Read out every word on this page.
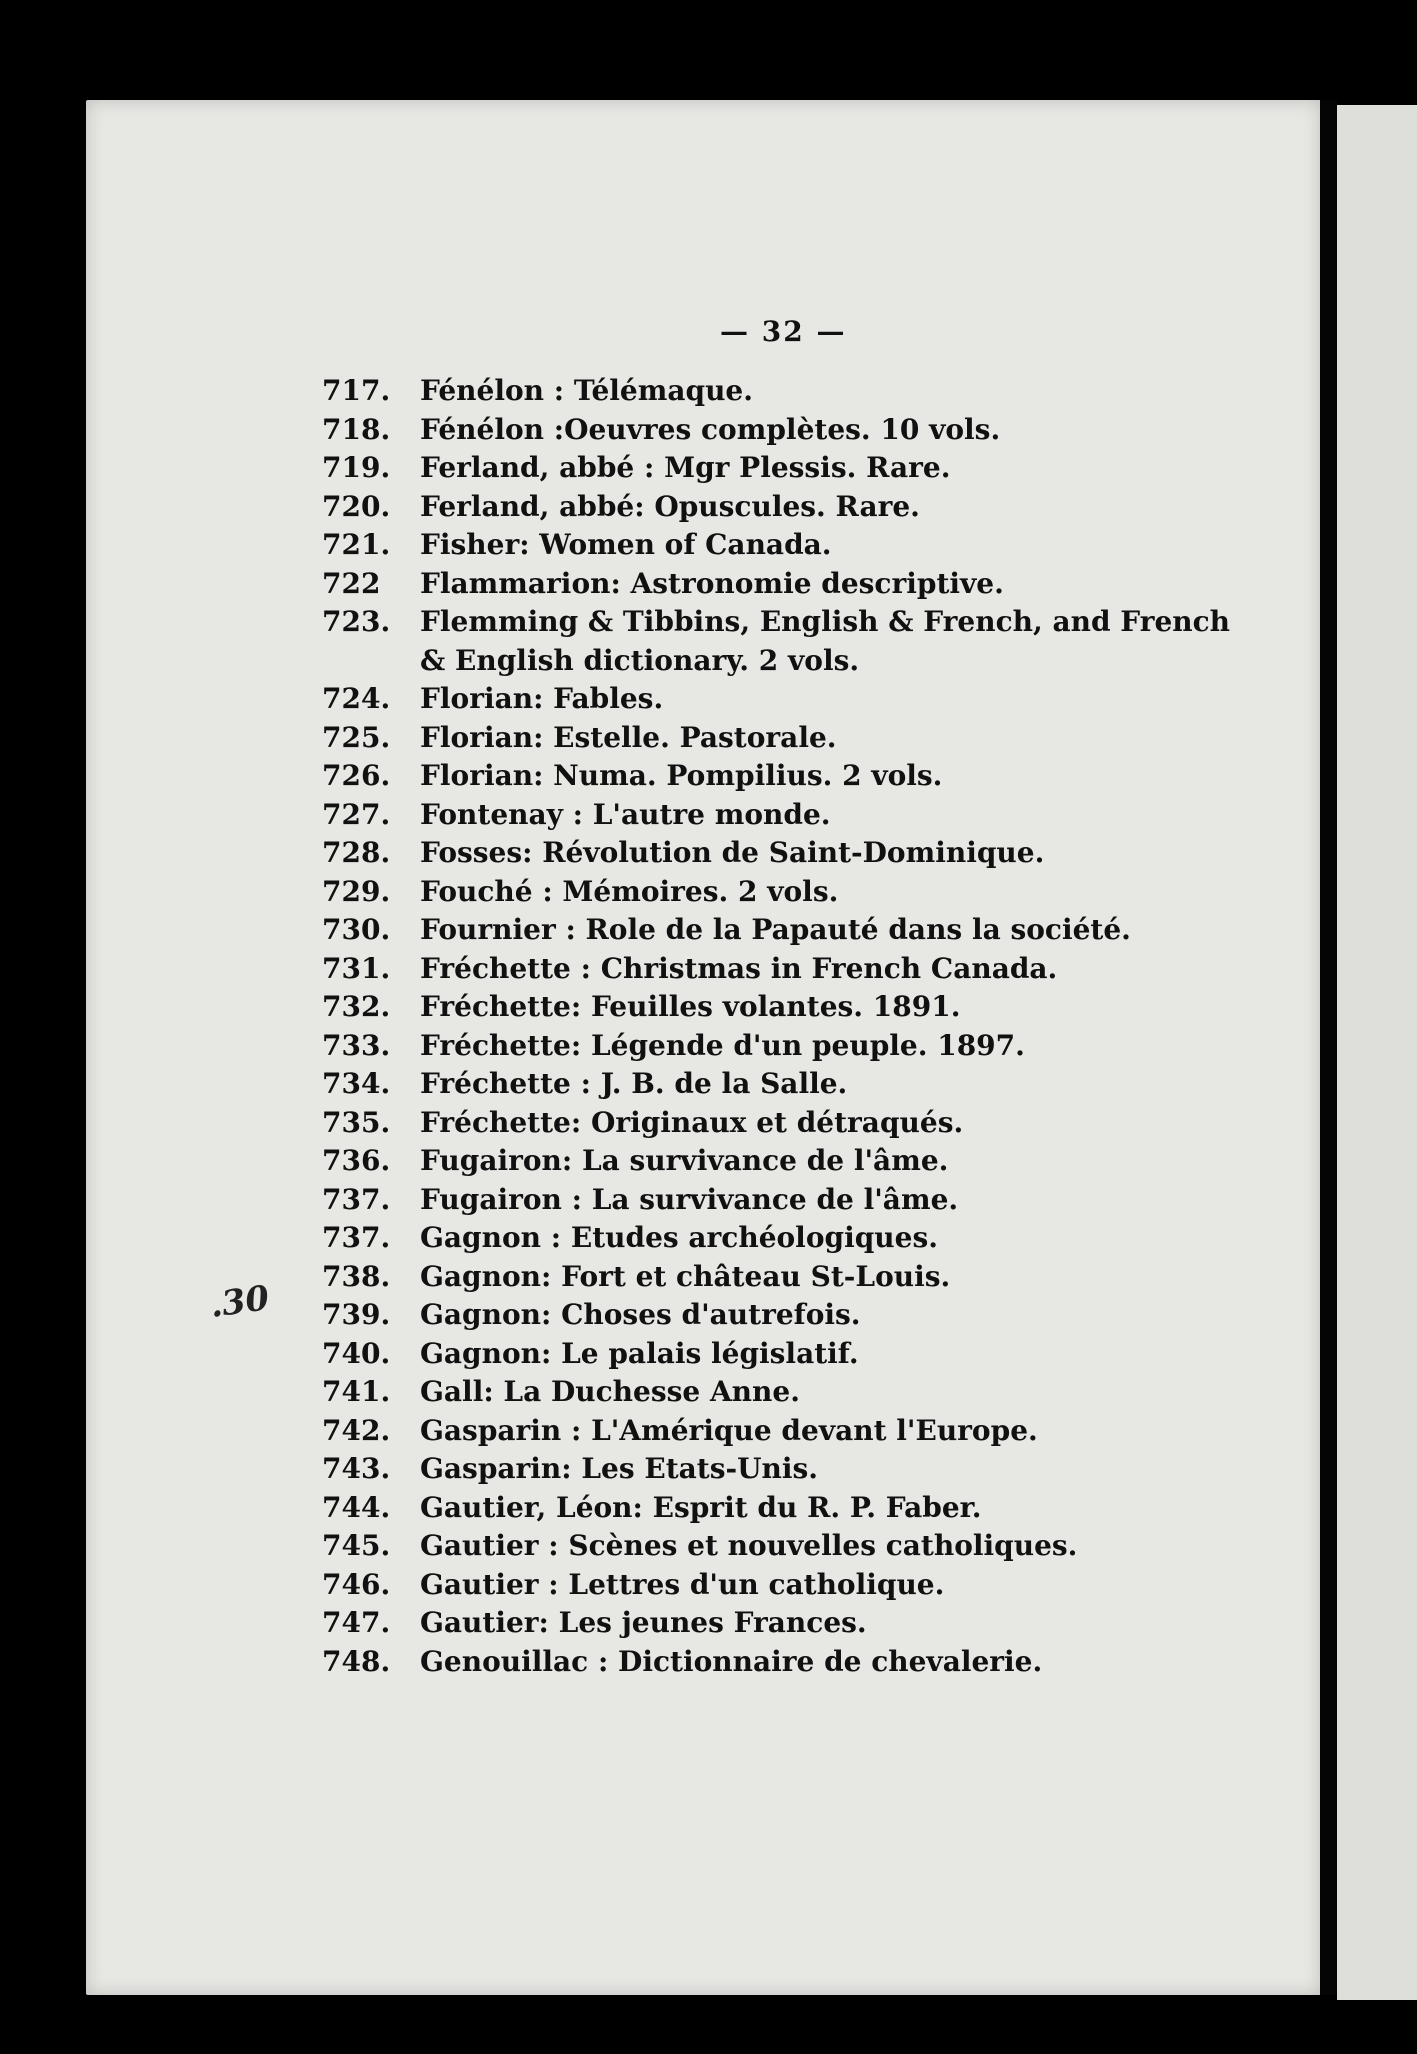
— 32 —
.30
717.	Fénélon : Télémaque.
718.	Fénélon :Oeuvres complètes. 10 vols.
719.	Ferland, abbé : Mgr Plessis. Rare.
720.	Ferland, abbé: Opuscules. Rare.
721.	Fisher: Women of Canada.
722	Flammarion: Astronomie descriptive.
723.	Flemming & Tibbins, English & French, and French & English dictionary. 2 vols.
724.	Florian: Fables.
725.	Florian: Estelle. Pastorale.
726.	Florian: Numa. Pompilius. 2 vols.
727.	Fontenay : L'autre monde.
728.	Fosses: Révolution de Saint-Dominique.
729.	Fouché : Mémoires. 2 vols.
730.	Fournier : Role de la Papauté dans la société.
731.	Fréchette : Christmas in French Canada.
732.	Fréchette: Feuilles volantes. 1891.
733.	Fréchette: Légende d'un peuple. 1897.
734.	Fréchette : J. B. de la Salle.
735.	Fréchette: Originaux et détraqués.
736.	Fugairon: La survivance de l'âme.
737.	Fugairon : La survivance de l'âme.
737.	Gagnon : Etudes archéologiques.
738.	Gagnon: Fort et château St-Louis.
739.	Gagnon: Choses d'autrefois.
740.	Gagnon: Le palais législatif.
741.	Gall: La Duchesse Anne.
742.	Gasparin : L'Amérique devant l'Europe.
743.	Gasparin: Les Etats-Unis.
744.	Gautier, Léon: Esprit du R. P. Faber.
745.	Gautier : Scènes et nouvelles catholiques.
746.	Gautier : Lettres d'un catholique.
747.	Gautier: Les jeunes Frances.
748.	Genouillac : Dictionnaire de chevalerie.
